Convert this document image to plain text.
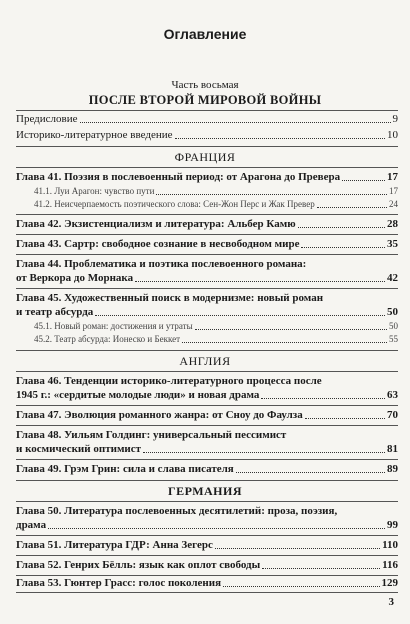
Оглавление
Часть восьмая
ПОСЛЕ ВТОРОЙ МИРОВОЙ ВОЙНЫ
Предисловие	9
Историко-литературное введение	10
ФРАНЦИЯ
Глава 41. Поэзия в послевоенный период: от Арагона до Превера	17
41.1. Луи Арагон: чувство пути	17
41.2. Неисчерпаемость поэтического слова: Сен-Жон Перс и Жак Превер	24
Глава 42. Экзистенциализм и литература: Альбер Камю	28
Глава 43. Сартр: свободное сознание в несвободном мире	35
Глава 44. Проблематика и поэтика послевоенного романа:
от Веркора до Морнака	42
Глава 45. Художественный поиск в модернизме: новый роман
и театр абсурда	50
45.1. Новый роман: достижения и утраты	50
45.2. Театр абсурда: Ионеско и Беккет	55
АНГЛИЯ
Глава 46. Тенденции историко-литературного процесса после
1945 г.: «сердитые молодые люди» и новая драма	63
Глава 47. Эволюция романного жанра: от Сноу до Фаулза	70
Глава 48. Уильям Голдинг: универсальный пессимист
и космический оптимист	81
Глава 49. Грэм Грин: сила и слава писателя	89
ГЕРМАНИЯ
Глава 50. Литература послевоенных десятилетий: проза, поэзия,
драма	99
Глава 51. Литература ГДР: Анна Зегерс	110
Глава 52. Генрих Бёлль: язык как оплот свободы	116
Глава 53. Гюнтер Грасс: голос поколения	129
3
